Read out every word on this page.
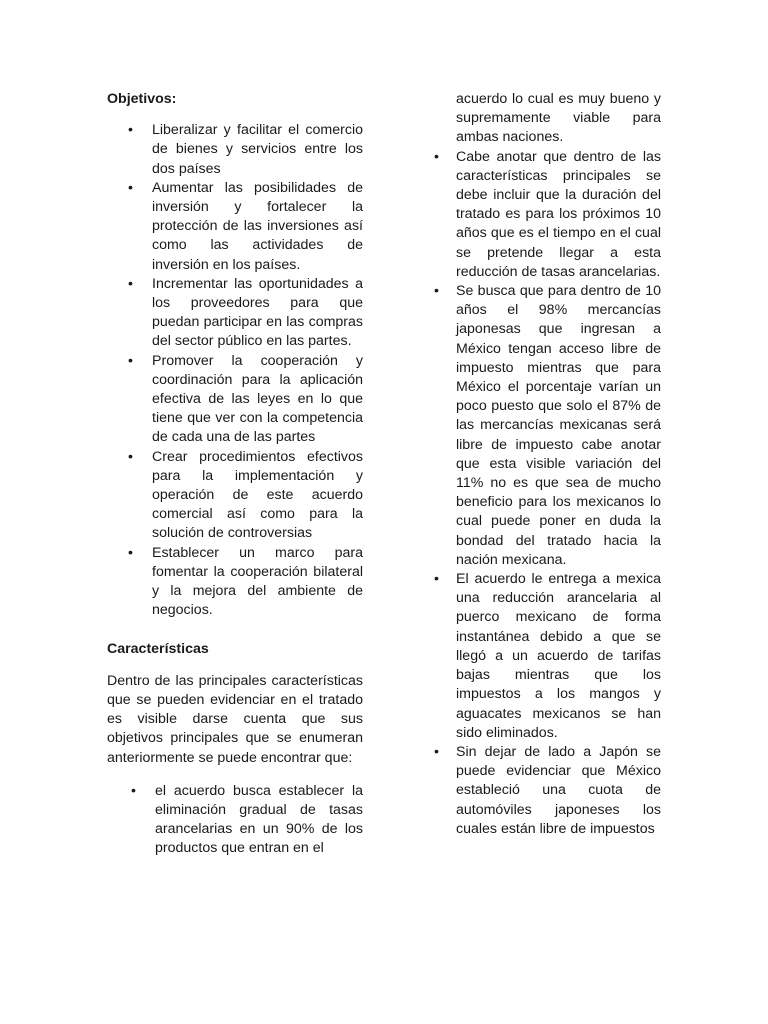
Objetivos:
• Liberalizar y facilitar el comercio de bienes y servicios entre los dos países
• Aumentar las posibilidades de inversión y fortalecer la protección de las inversiones así como las actividades de inversión en los países.
• Incrementar las oportunidades a los proveedores para que puedan participar en las compras del sector público en las partes.
• Promover la cooperación y coordinación para la aplicación efectiva de las leyes en lo que tiene que ver con la competencia de cada una de las partes
• Crear procedimientos efectivos para la implementación y operación de este acuerdo comercial así como para la solución de controversias
• Establecer un marco para fomentar la cooperación bilateral y la mejora del ambiente de negocios.
Características

Dentro de las principales características que se pueden evidenciar en el tratado es visible darse cuenta que sus objetivos principales que se enumeran anteriormente se puede encontrar que:

• el acuerdo busca establecer la eliminación gradual de tasas arancelarias en un 90% de los productos que entran en el
acuerdo lo cual es muy bueno y supremamente viable para ambas naciones.
• Cabe anotar que dentro de las características principales se debe incluir que la duración del tratado es para los próximos 10 años que es el tiempo en el cual se pretende llegar a esta reducción de tasas arancelarias.
• Se busca que para dentro de 10 años el 98% mercancías japonesas que ingresan a México tengan acceso libre de impuesto mientras que para México el porcentaje varían un poco puesto que solo el 87% de las mercancías mexicanas será libre de impuesto cabe anotar que esta visible variación del 11% no es que sea de mucho beneficio para los mexicanos lo cual puede poner en duda la bondad del tratado hacia la nación mexicana.
• El acuerdo le entrega a mexica una reducción arancelaria al puerco mexicano de forma instantánea debido a que se llegó a un acuerdo de tarifas bajas mientras que los impuestos a los mangos y aguacates mexicanos se han sido eliminados.
• Sin dejar de lado a Japón se puede evidenciar que México estableció una cuota de automóviles japoneses los cuales están libre de impuestos
